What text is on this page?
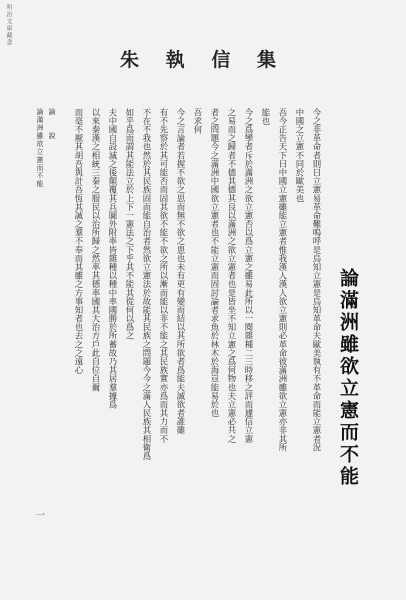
明治文庫藏書
朱 執 信 集
論滿洲雖欲立憲而不能
今之非革命者則曰立憲易革命難嗚呼是烏知立憲是烏知革命夫歐美執有不革命而能立憲者況
中國之立憲不同於歐美也
吾今正告天下曰中國立憲雖能立憲者惟我漢人漢人欲立憲則必革命彼滿洲雖欲立憲亦非其所
能也
今之爲孿者斥於滿洲之欲立憲否以爲立憲之雖易此所以一閱雜種二三時移之評而遽信立憲
之易而之歸者不德其德其良以滿洲之欲立憲者也是皆坐不知立憲之爲何物也夫立憲必共之
者之問題今之滿洲中國欲立憲者也不能立憲而固討論者求魚於林木於海豈能易於也
吾求何
今之言論者若握不欲之思而無不欲之患也未有更有變而結以其所欲者爲能夫誠欲者誰雖
有不先察於其可能否而固其欲不能不欲之所以漸而能以非不能之其民族實亦爲而其力而不
不在不我也然於其民族固而能自治者然欲立憲法於故能其民族之問題今今之滿人民族其相衛爲
如乎爲而謂其能法立於上下一憲法之下乎其不能其從何以爲之
夫中國自設滅之後顛覆其兵圖外附率皆雜種以種中率國勝於所蓄故乃其居羣據爲
以來秦漢之相統三秦之服民以治所歸之然率其德率國其大治方戶此自位自爾
而毫不厭其胡吾與計吾恆其誠之羣不奉而其雖之方事知者也去之之遠心
論　　說
論滿洲雖欲立憲而不能
一
